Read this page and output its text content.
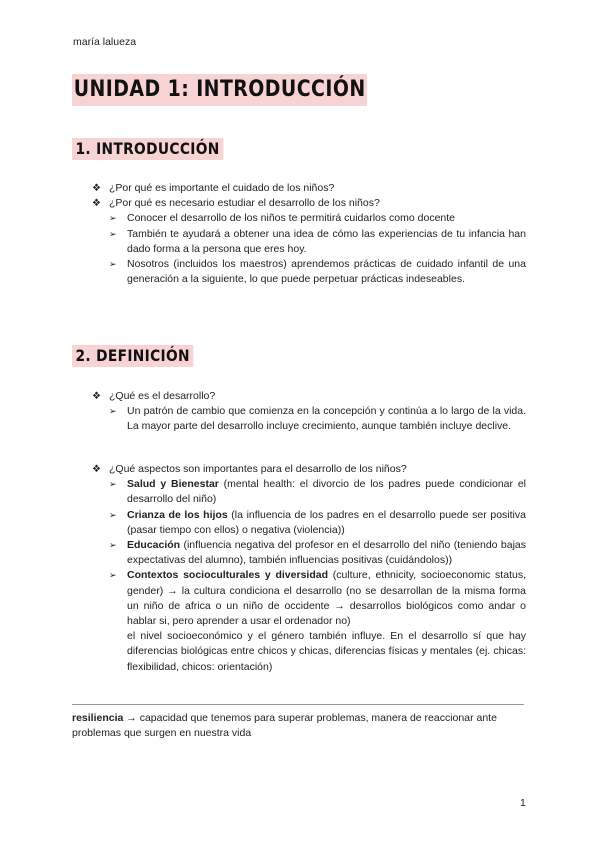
maría lalueza
UNIDAD 1: INTRODUCCIÓN
1. INTRODUCCIÓN
❖ ¿Por qué es importante el cuidado de los niños?
❖ ¿Por qué es necesario estudiar el desarrollo de los niños?
➢ Conocer el desarrollo de los niños te permitirá cuidarlos como docente
➢ También te ayudará a obtener una idea de cómo las experiencias de tu infancia han dado forma a la persona que eres hoy.
➢ Nosotros (incluidos los maestros) aprendemos prácticas de cuidado infantil de una generación a la siguiente, lo que puede perpetuar prácticas indeseables.
2. DEFINICIÓN
❖ ¿Qué es el desarrollo?
➢ Un patrón de cambio que comienza en la concepción y continúa a lo largo de la vida. La mayor parte del desarrollo incluye crecimiento, aunque también incluye declive.
❖ ¿Qué aspectos son importantes para el desarrollo de los niños?
➢ Salud y Bienestar (mental health: el divorcio de los padres puede condicionar el desarrollo del niño)
➢ Crianza de los hijos (la influencia de los padres en el desarrollo puede ser positiva (pasar tiempo con ellos) o negativa (violencia))
➢ Educación (influencia negativa del profesor en el desarrollo del niño (teniendo bajas expectativas del alumno), también influencias positivas (cuidándolos))
➢ Contextos socioculturales y diversidad (culture, ethnicity, socioeconomic status, gender) → la cultura condiciona el desarrollo (no se desarrollan de la misma forma un niño de africa o un niño de occidente → desarrollos biológicos como andar o hablar si, pero aprender a usar el ordenador no)
el nivel socioeconómico y el género también influye. En el desarrollo sí que hay diferencias biológicas entre chicos y chicas, diferencias físicas y mentales (ej. chicas: flexibilidad, chicos: orientación)
resiliencia → capacidad que tenemos para superar problemas, manera de reaccionar ante problemas que surgen en nuestra vida
1
